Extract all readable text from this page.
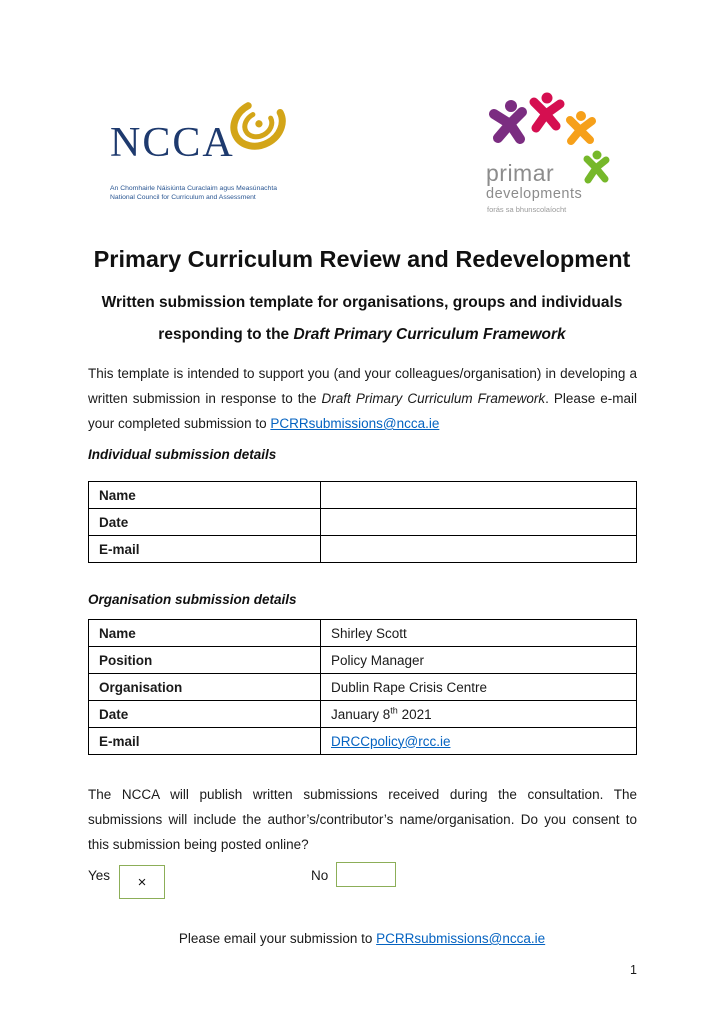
NCCA
An Chomhairle Náisiúnta Curaclaim agus Measúnachta
National Council for Curriculum and Assessment
primar
developments
forás sa bhunscolaíocht
Primary Curriculum Review and Redevelopment
Written submission template for organisations, groups and individuals
responding to the Draft Primary Curriculum Framework

This template is intended to support you (and your colleagues/organisation) in developing a written submission in response to the Draft Primary Curriculum Framework. Please e-mail your completed submission to PCRRsubmissions@ncca.ie

Individual submission details
Name	
Date	
E-mail	
Organisation submission details
Name	Shirley Scott
Position	Policy Manager
Organisation	Dublin Rape Crisis Centre
Date	January 8th 2021
E-mail	DRCCpolicy@rcc.ie

The NCCA will publish written submissions received during the consultation. The submissions will include the author’s/contributor’s name/organisation. Do you consent to this submission being posted online?

Yes	×	No
Please email your submission to PCRRsubmissions@ncca.ie
1
